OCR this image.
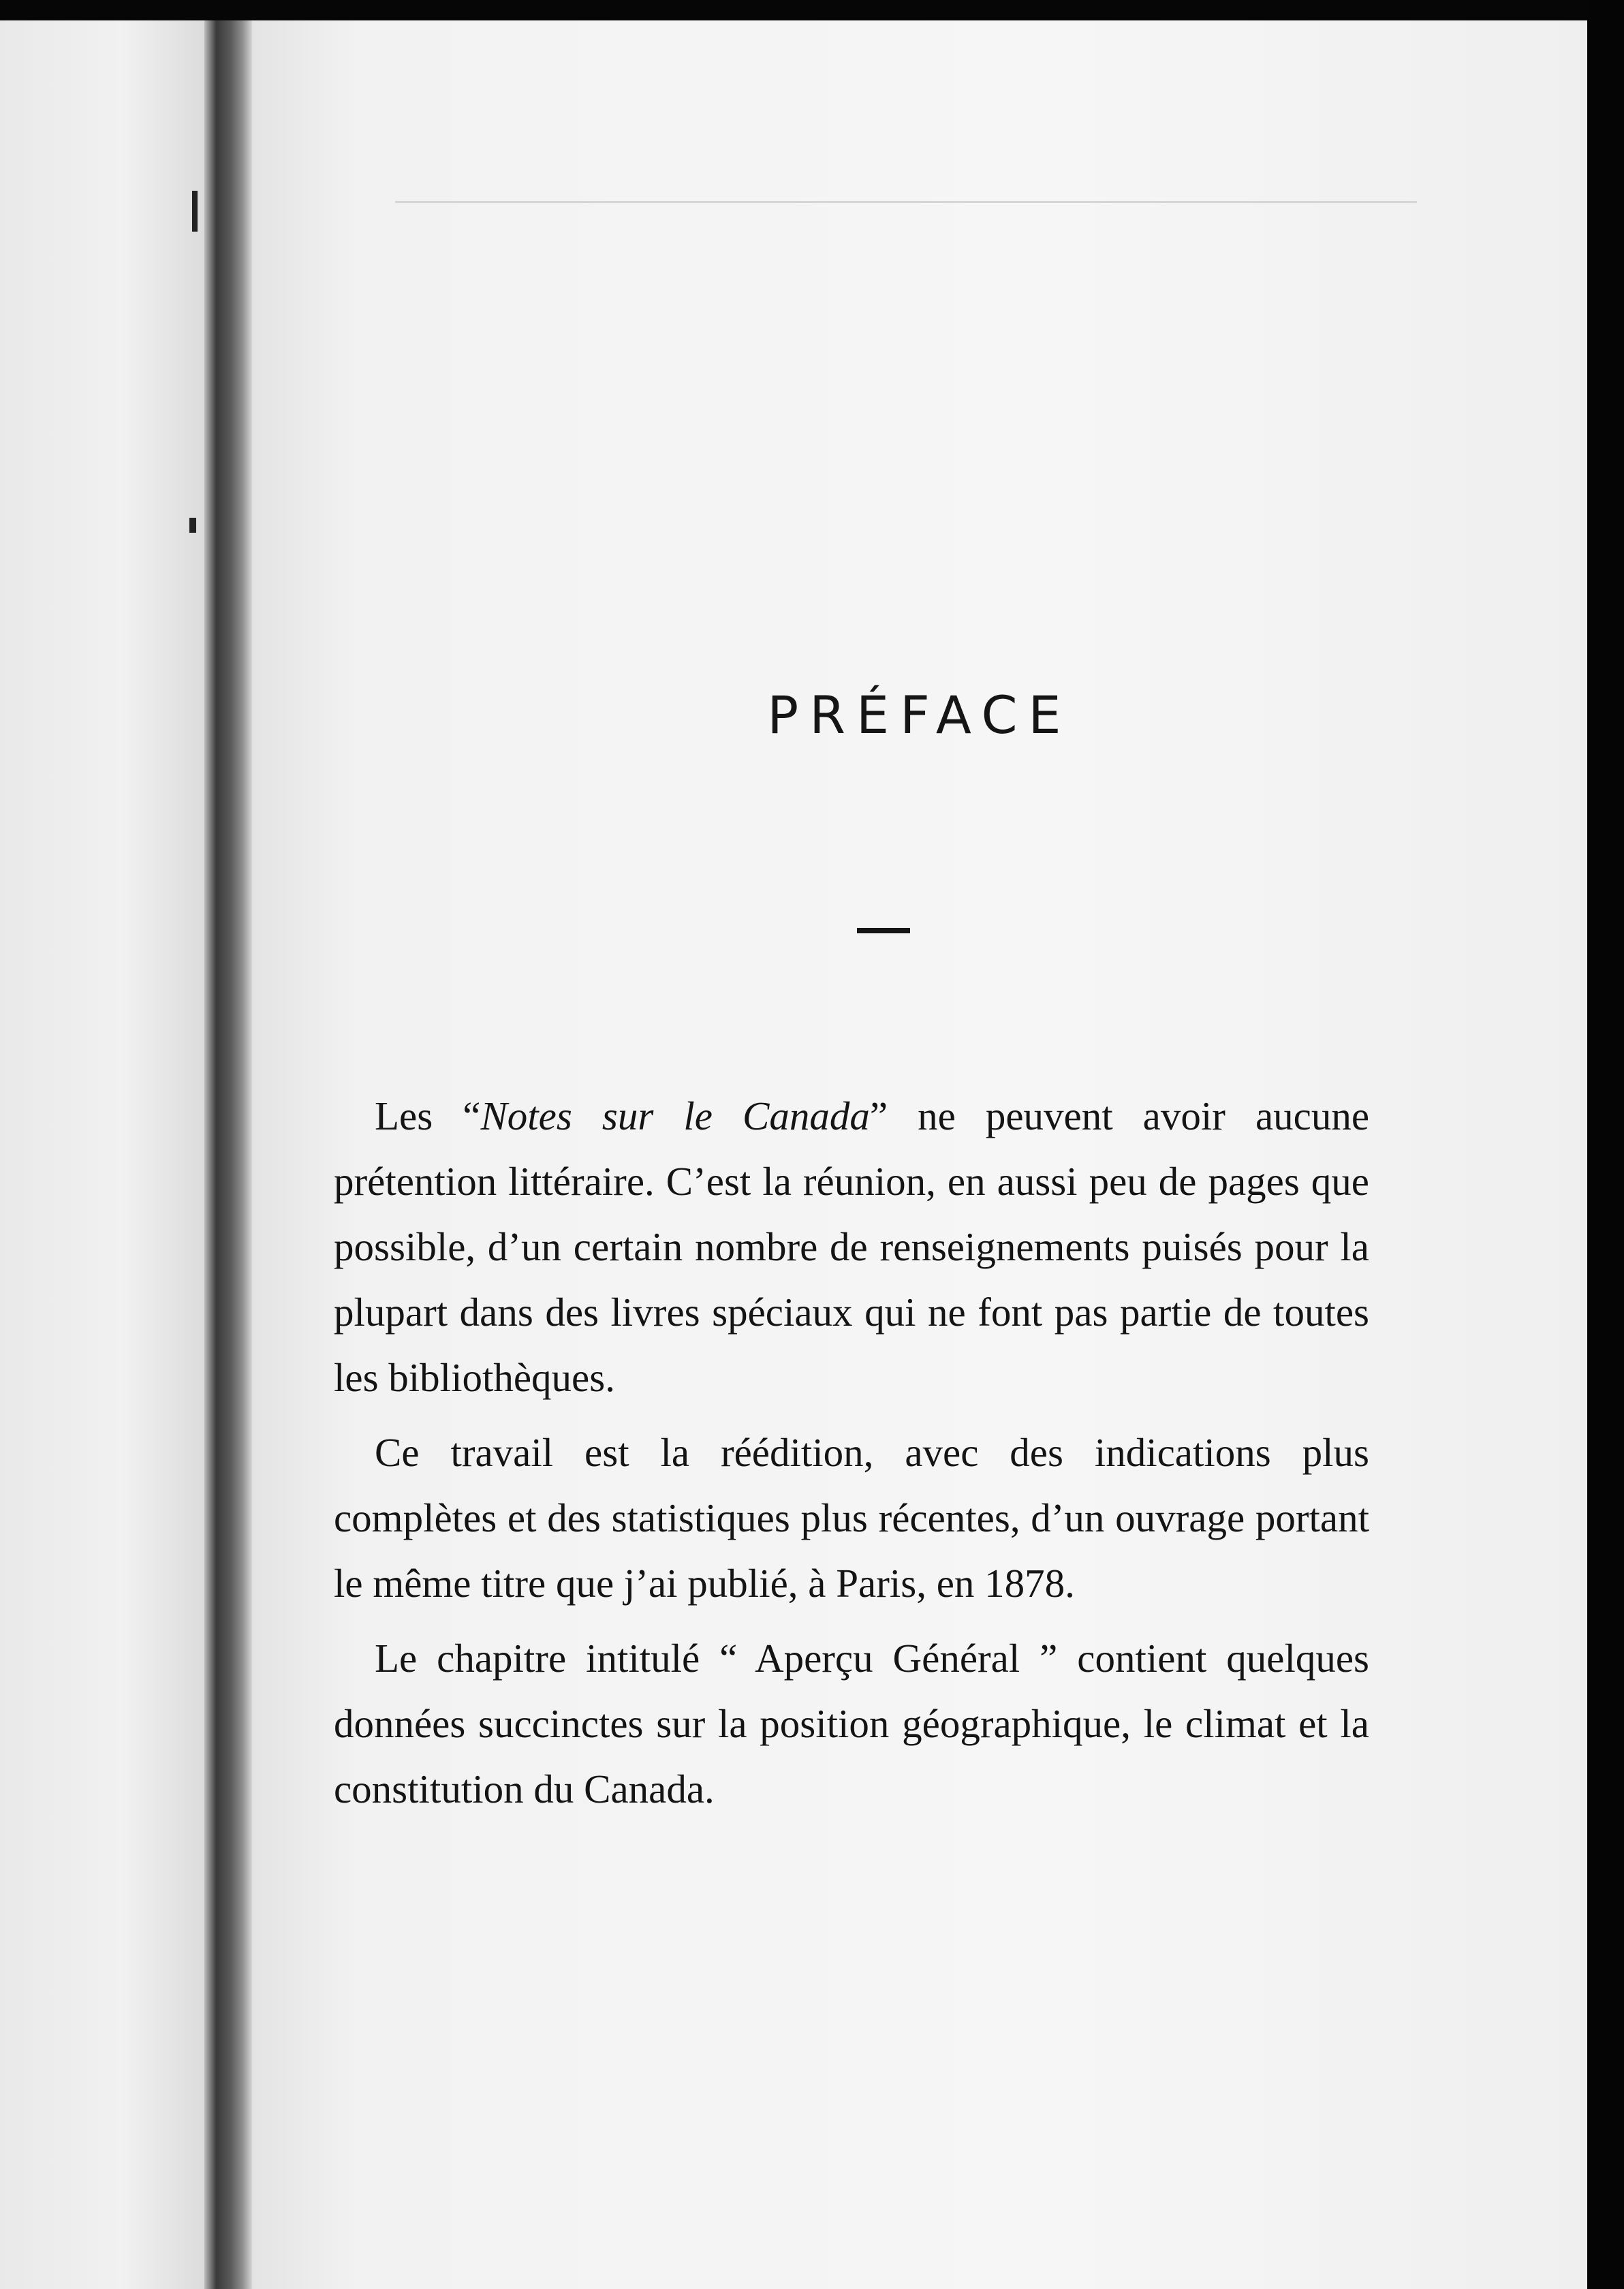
PRÉFACE

Les “Notes sur le Canada” ne peuvent avoir aucune prétention littéraire. C’est la réunion, en aussi peu de pages que possible, d’un certain nombre de renseignements puisés pour la plupart dans des livres spéciaux qui ne font pas partie de toutes les bibliothèques.

Ce travail est la réédition, avec des indications plus complètes et des statistiques plus récentes, d’un ouvrage portant le même titre que j’ai publié, à Paris, en 1878.

Le chapitre intitulé “ Aperçu Général ” contient quelques données succinctes sur la position géographique, le climat et la constitution du Canada.
